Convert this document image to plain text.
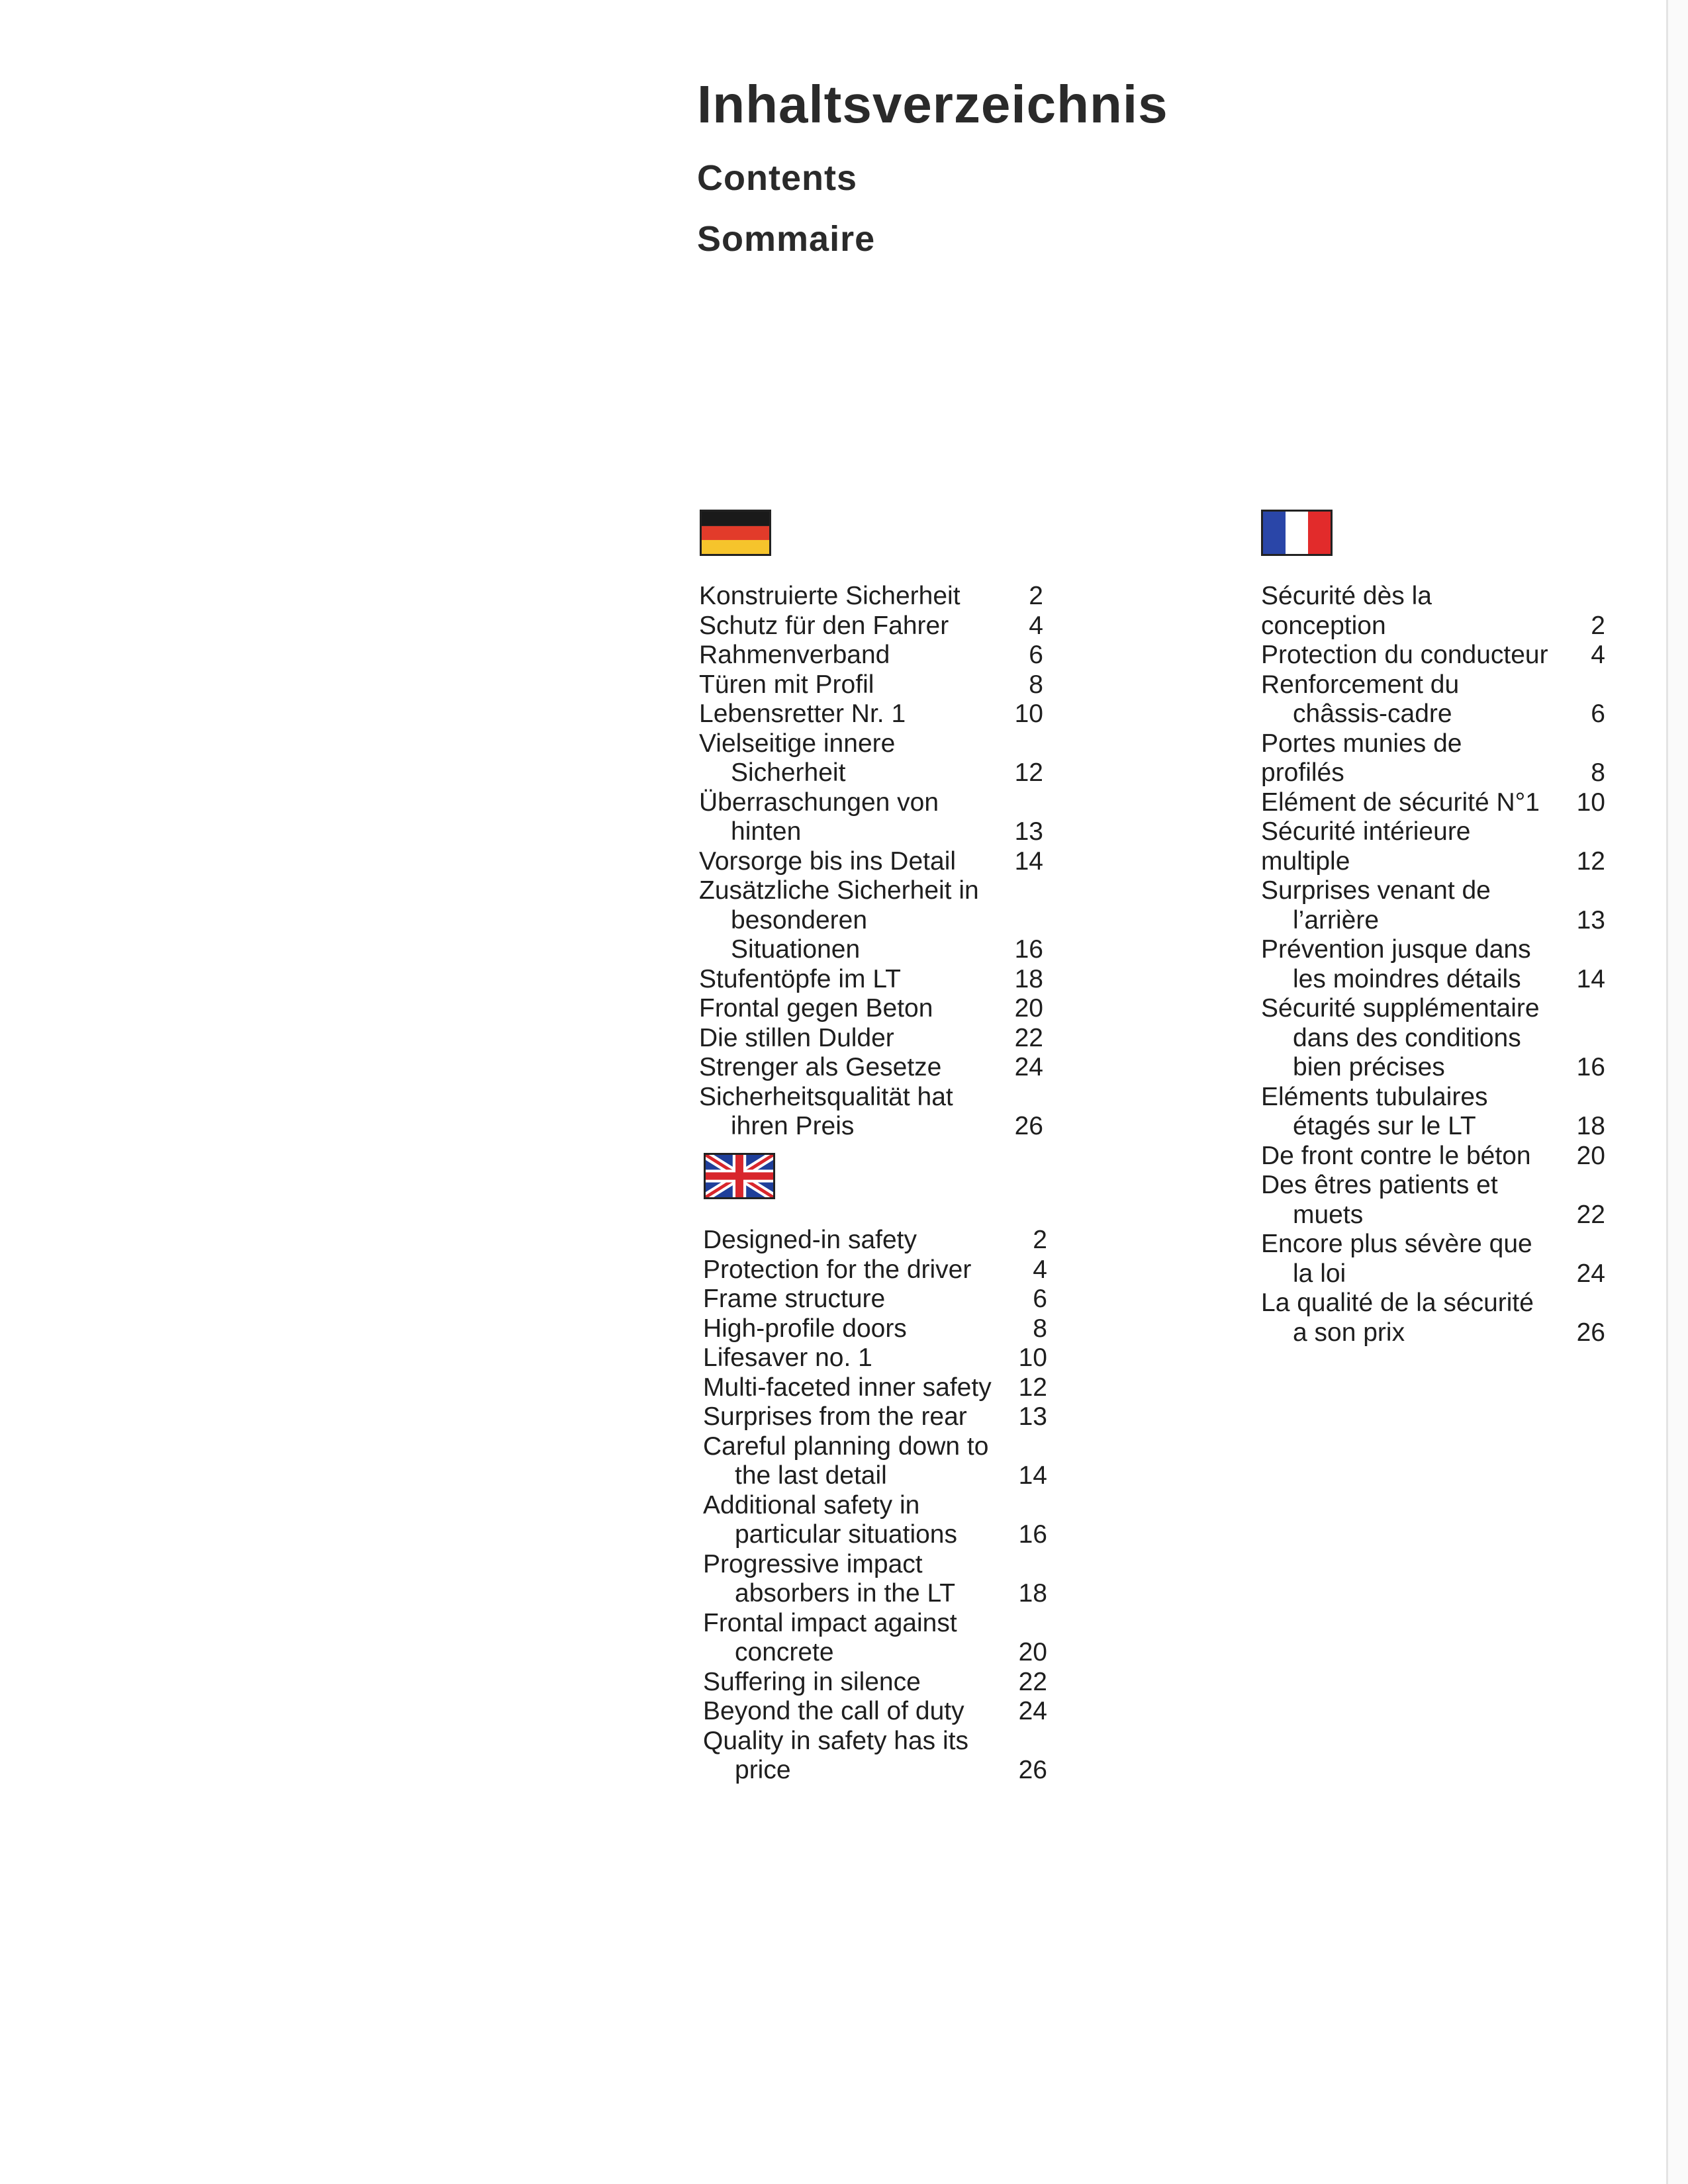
Inhaltsverzeichnis
Contents
Sommaire
Konstruierte Sicherheit	2
Schutz für den Fahrer	4
Rahmenverband	6
Türen mit Profil	8
Lebensretter Nr. 1	10
Vielseitige innere
Sicherheit	12
Überraschungen von
hinten	13
Vorsorge bis ins Detail	14
Zusätzliche Sicherheit in
besonderen Situationen	16
Stufentöpfe im LT	18
Frontal gegen Beton	20
Die stillen Dulder	22
Strenger als Gesetze	24
Sicherheitsqualität hat
ihren Preis	26
Designed-in safety	2
Protection for the driver	4
Frame structure	6
High-profile doors	8
Lifesaver no. 1	10
Multi-faceted inner safety	12
Surprises from the rear	13
Careful planning down to
the last detail	14
Additional safety in
particular situations	16
Progressive impact
absorbers in the LT	18
Frontal impact against
concrete	20
Suffering in silence	22
Beyond the call of duty	24
Quality in safety has its
price	26
Sécurité dès la conception	2
Protection du conducteur	4
Renforcement du
châssis-cadre	6
Portes munies de profilés	8
Elément de sécurité N°1	10
Sécurité intérieure multiple	12
Surprises venant de
l’arrière	13
Prévention jusque dans
les moindres détails	14
Sécurité supplémentaire
dans des conditions
bien précises	16
Eléments tubulaires
étagés sur le LT	18
De front contre le béton	20
Des êtres patients et
muets	22
Encore plus sévère que
la loi	24
La qualité de la sécurité
a son prix	26
